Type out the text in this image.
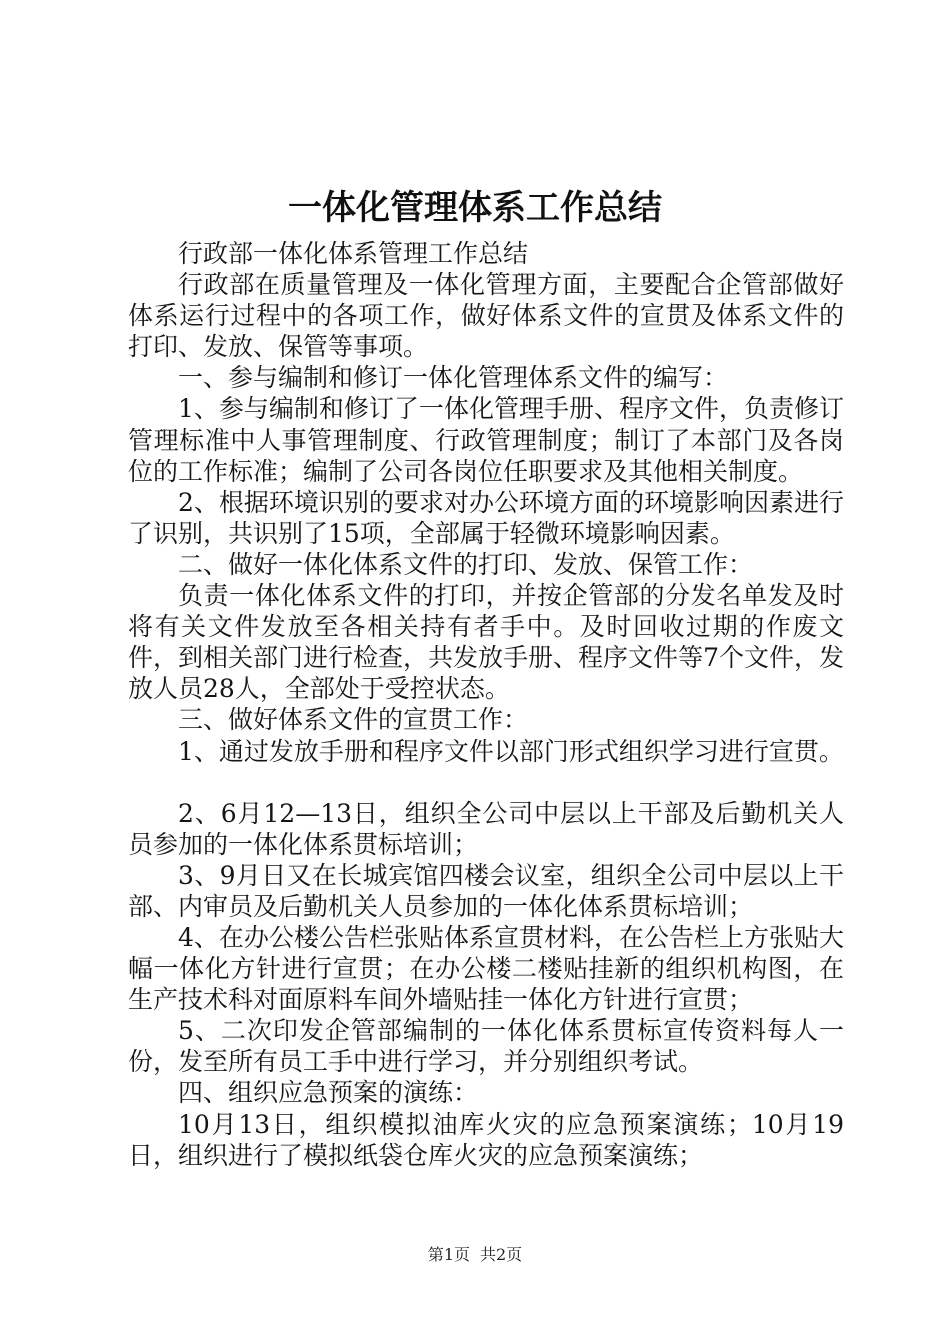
一体化管理体系工作总结

行政部一体化体系管理工作总结

行政部在质量管理及一体化管理方面，主要配合企管部做好体系运行过程中的各项工作，做好体系文件的宣贯及体系文件的打印、发放、保管等事项。

一、参与编制和修订一体化管理体系文件的编写：

1、参与编制和修订了一体化管理手册、程序文件，负责修订管理标准中人事管理制度、行政管理制度；制订了本部门及各岗位的工作标准；编制了公司各岗位任职要求及其他相关制度。

2、根据环境识别的要求对办公环境方面的环境影响因素进行了识别，共识别了15项，全部属于轻微环境影响因素。

二、做好一体化体系文件的打印、发放、保管工作：

负责一体化体系文件的打印，并按企管部的分发名单发及时将有关文件发放至各相关持有者手中。及时回收过期的作废文件，到相关部门进行检查，共发放手册、程序文件等7个文件，发放人员28人，全部处于受控状态。

三、做好体系文件的宣贯工作：

1、通过发放手册和程序文件以部门形式组织学习进行宣贯。

2、6月12—13日，组织全公司中层以上干部及后勤机关人员参加的一体化体系贯标培训；

3、9月日又在长城宾馆四楼会议室，组织全公司中层以上干部、内审员及后勤机关人员参加的一体化体系贯标培训；

4、在办公楼公告栏张贴体系宣贯材料，在公告栏上方张贴大幅一体化方针进行宣贯；在办公楼二楼贴挂新的组织机构图，在生产技术科对面原料车间外墙贴挂一体化方针进行宣贯；

5、二次印发企管部编制的一体化体系贯标宣传资料每人一份，发至所有员工手中进行学习，并分别组织考试。

四、组织应急预案的演练：

10月13日，组织模拟油库火灾的应急预案演练；10月19日，组织进行了模拟纸袋仓库火灾的应急预案演练；

第1页 共2页
